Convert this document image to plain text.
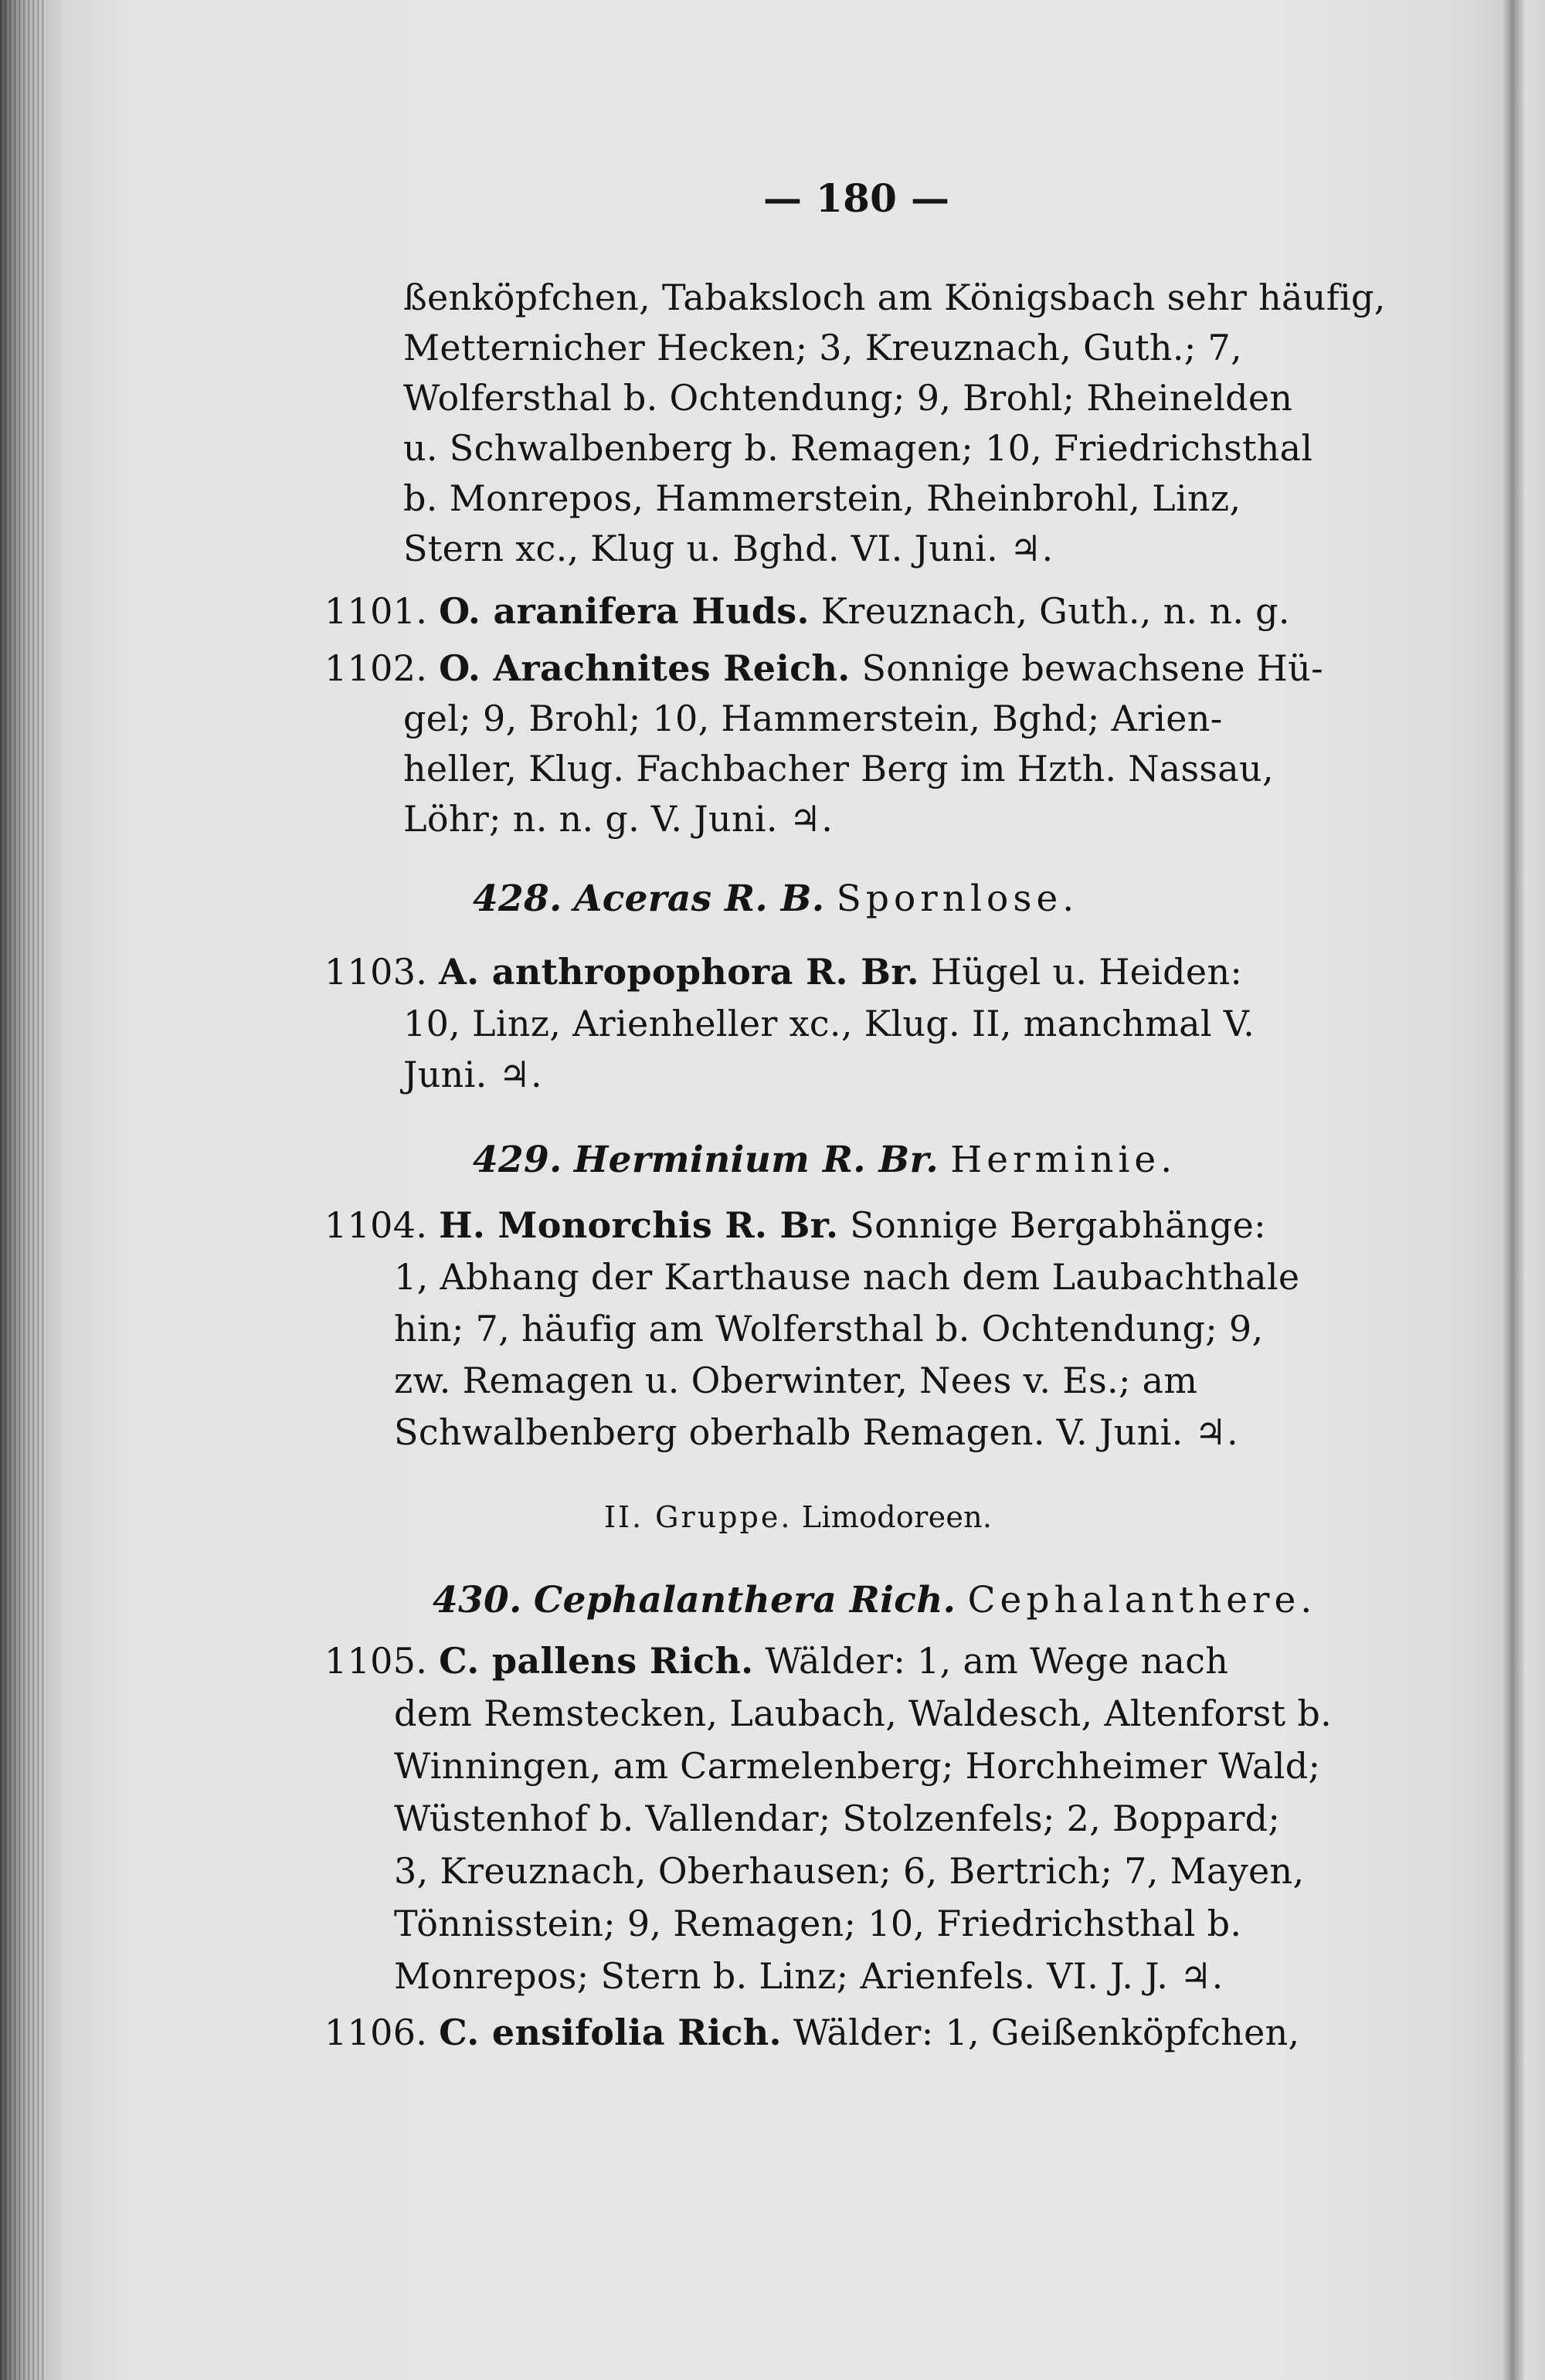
— 180 —
ßenköpfchen, Tabaksloch am Königsbach sehr häufig,
Metternicher Hecken; 3, Kreuznach, Guth.; 7,
Wolfersthal b. Ochtendung; 9, Brohl; Rheinelden
u. Schwalbenberg b. Remagen; 10, Friedrichsthal
b. Monrepos, Hammerstein, Rheinbrohl, Linz,
Stern xc., Klug u. Bghd. VI. Juni. ♃.
1101. O. aranifera Huds. Kreuznach, Guth., n. n. g.
1102. O. Arachnites Reich. Sonnige bewachsene Hü-
gel; 9, Brohl; 10, Hammerstein, Bghd; Arien-
heller, Klug. Fachbacher Berg im Hzth. Nassau,
Löhr; n. n. g. V. Juni. ♃.
428. Aceras R. B. Spornlose.
1103. A. anthropophora R. Br. Hügel u. Heiden:
10, Linz, Arienheller xc., Klug. II, manchmal V.
Juni. ♃.
429. Herminium R. Br. Herminie.
1104. H. Monorchis R. Br. Sonnige Bergabhänge:
1, Abhang der Karthause nach dem Laubachthale
hin; 7, häufig am Wolfersthal b. Ochtendung; 9,
zw. Remagen u. Oberwinter, Nees v. Es.; am
Schwalbenberg oberhalb Remagen. V. Juni. ♃.
II. Gruppe. Limodoreen.
430. Cephalanthera Rich. Cephalanthere.
1105. C. pallens Rich. Wälder: 1, am Wege nach
dem Remstecken, Laubach, Waldesch, Altenforst b.
Winningen, am Carmelenberg; Horchheimer Wald;
Wüstenhof b. Vallendar; Stolzenfels; 2, Boppard;
3, Kreuznach, Oberhausen; 6, Bertrich; 7, Mayen,
Tönnisstein; 9, Remagen; 10, Friedrichsthal b.
Monrepos; Stern b. Linz; Arienfels. VI. J. J. ♃.
1106. C. ensifolia Rich. Wälder: 1, Geißenköpfchen,
